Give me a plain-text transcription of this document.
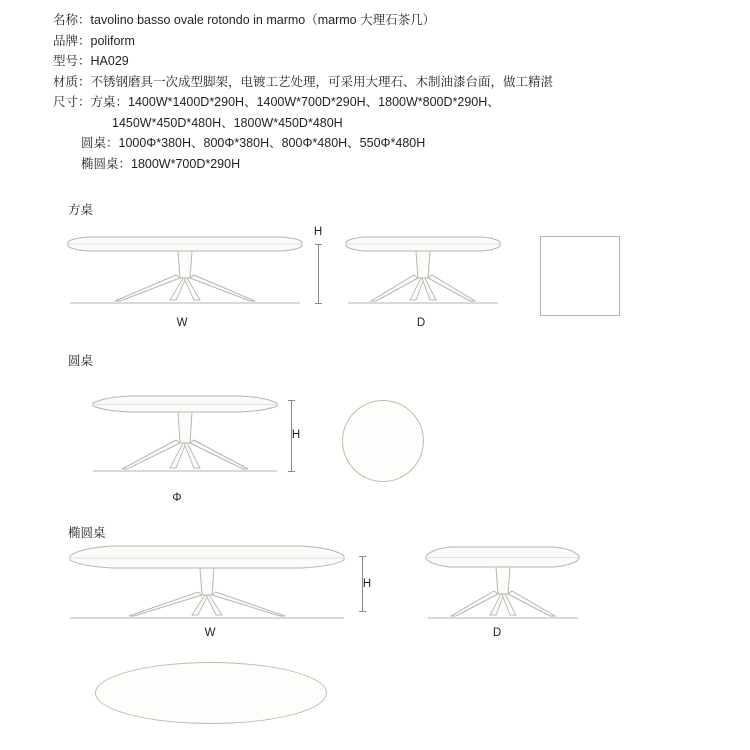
名称：tavolino basso ovale rotondo in marmo（marmo 大理石茶几）
品牌：poliform
型号：HA029
材质：不锈钢磨具一次成型脚架，电镀工艺处理，可采用大理石、木制油漆台面，做工精湛
尺寸：方桌：1400W*1400D*290H、1400W*700D*290H、1800W*800D*290H、
1450W*450D*480H、1800W*450D*480H
圆桌：1000Φ*380H、800Φ*380H、800Φ*480H、550Φ*480H
椭圆桌：1800W*700D*290H
方桌
W	D
H
圆桌
Φ
H
椭圆桌
W
H
D
